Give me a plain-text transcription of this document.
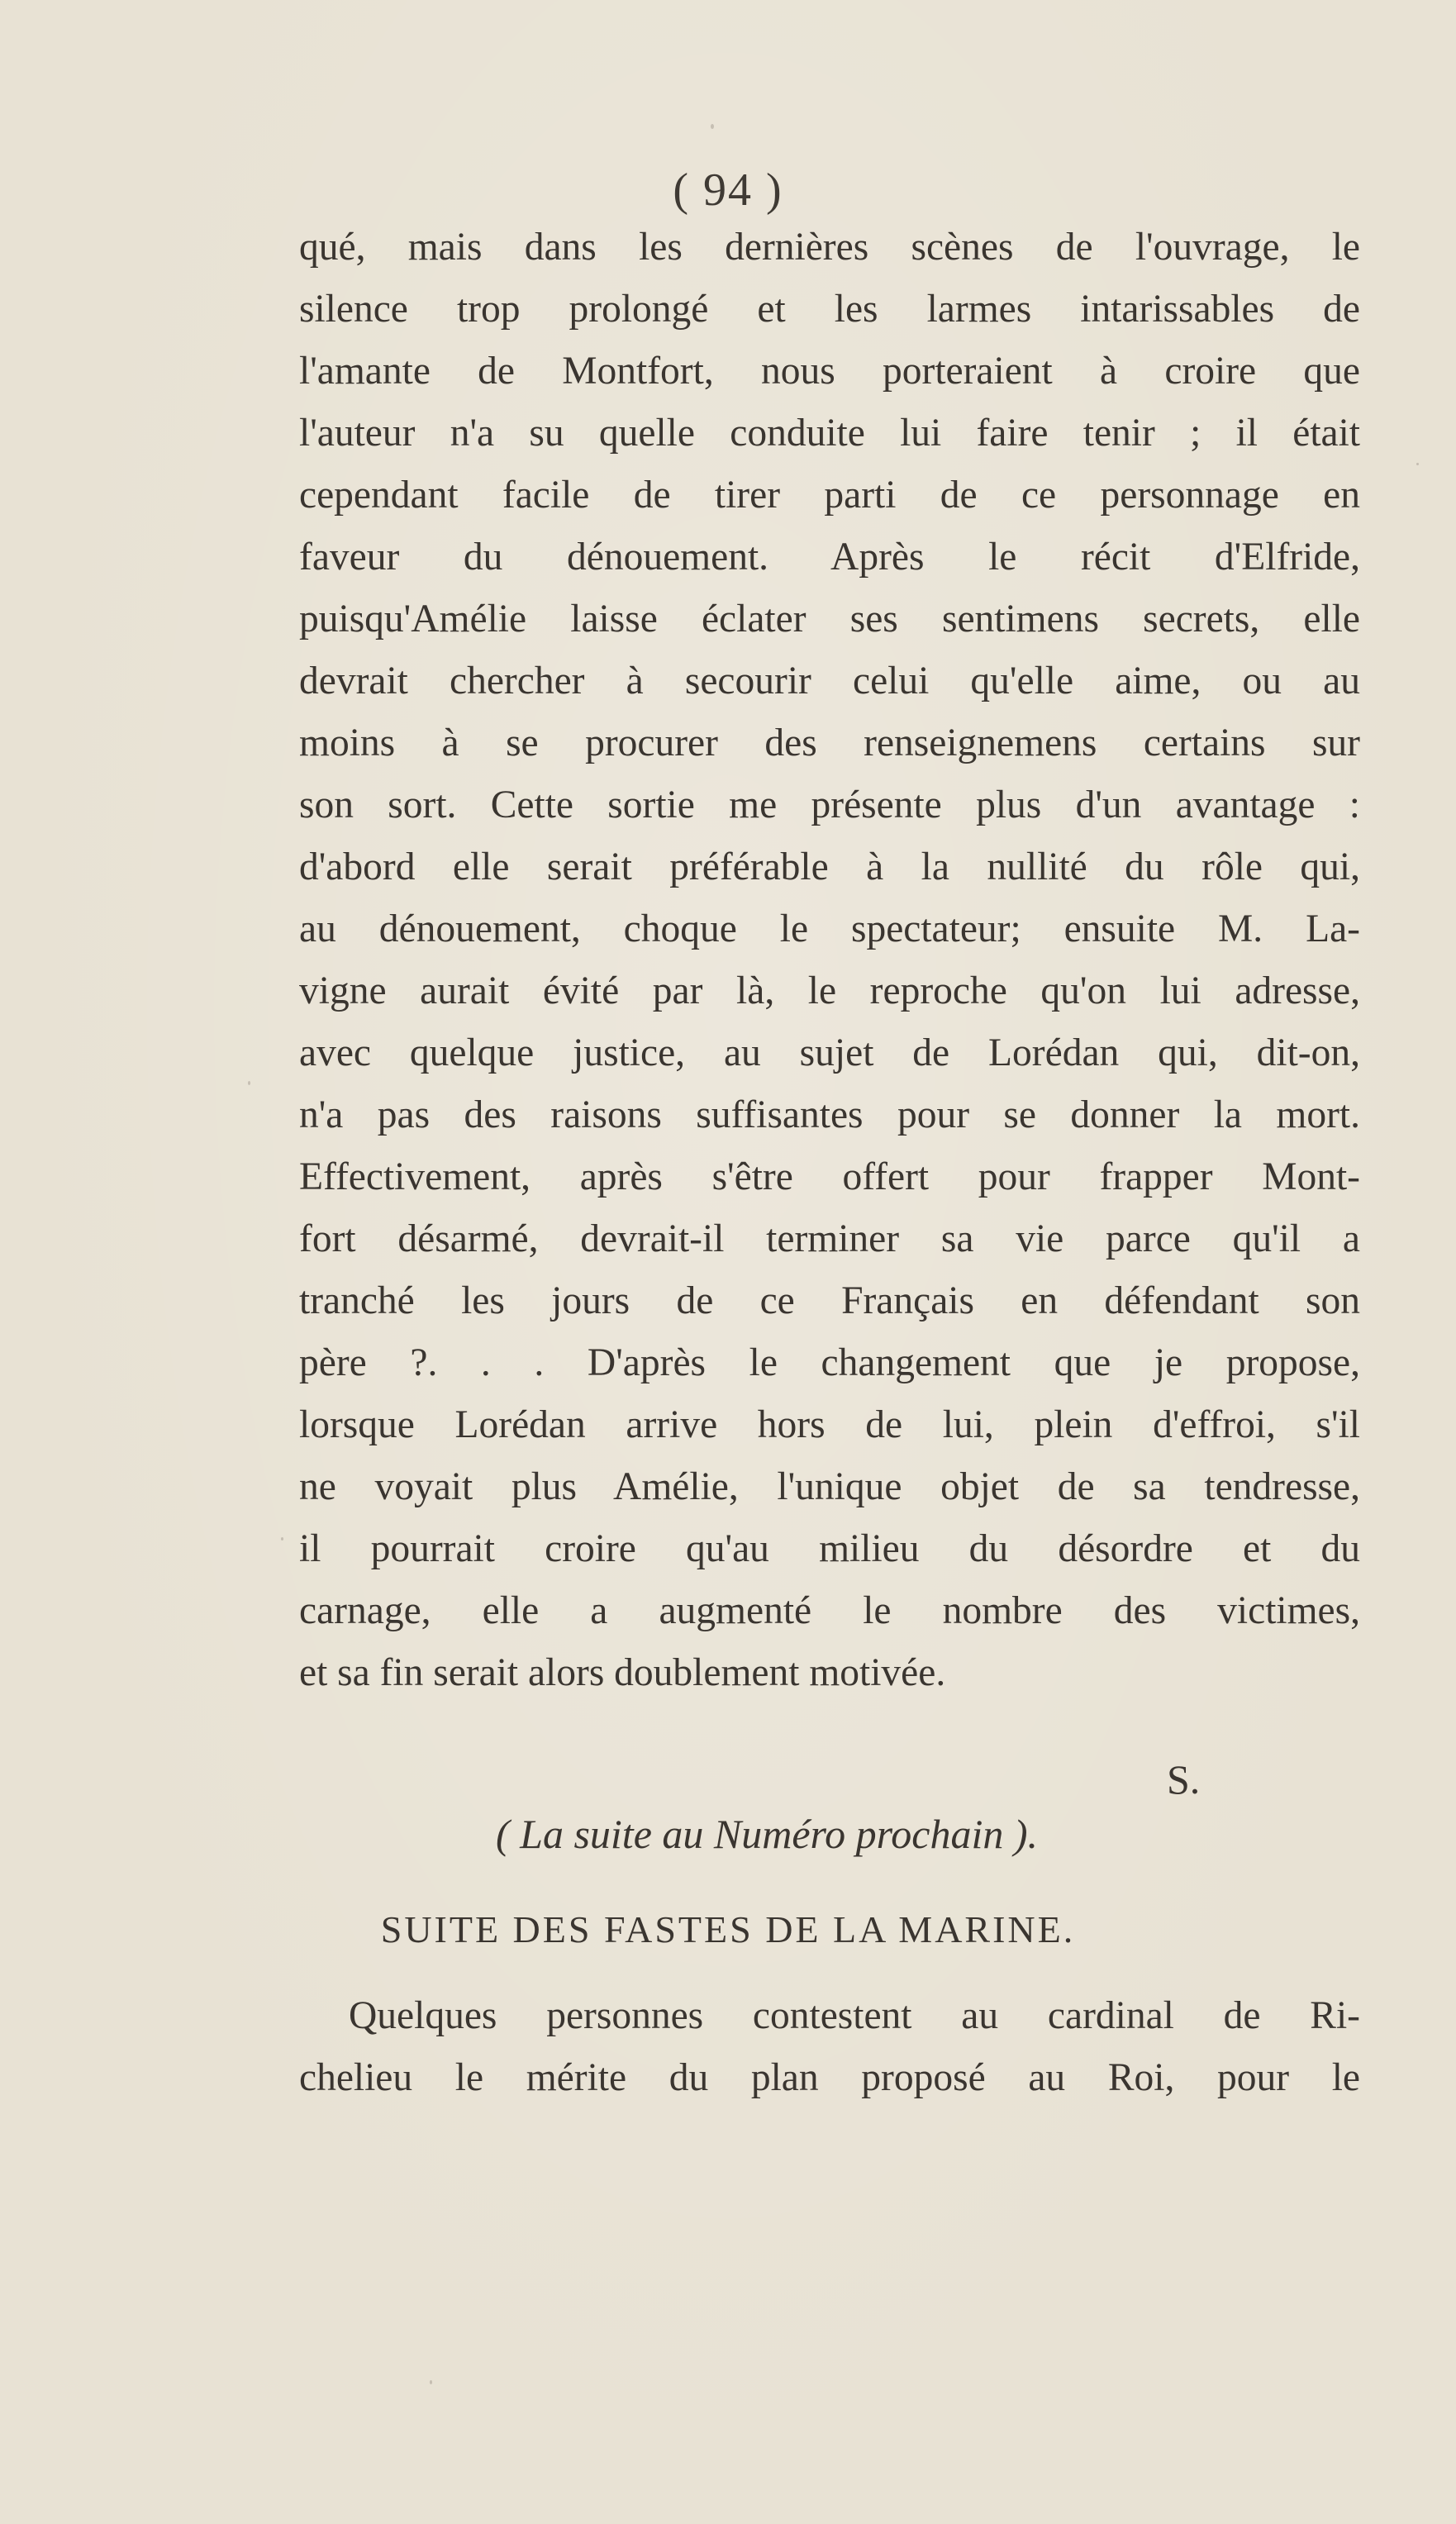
( 94 )
qué, mais dans les dernières scènes de l'ouvrage, le
silence trop prolongé et les larmes intarissables de
l'amante de Montfort, nous porteraient à croire que
l'auteur n'a su quelle conduite lui faire tenir ; il était
cependant facile de tirer parti de ce personnage en
faveur du dénouement. Après le récit d'Elfride,
puisqu'Amélie laisse éclater ses sentimens secrets, elle
devrait chercher à secourir celui qu'elle aime, ou au
moins à se procurer des renseignemens certains sur
son sort. Cette sortie me présente plus d'un avantage :
d'abord elle serait préférable à la nullité du rôle qui,
au dénouement, choque le spectateur; ensuite M. La-
vigne aurait évité par là, le reproche qu'on lui adresse,
avec quelque justice, au sujet de Lorédan qui, dit-on,
n'a pas des raisons suffisantes pour se donner la mort.
Effectivement, après s'être offert pour frapper Mont-
fort désarmé, devrait-il terminer sa vie parce qu'il a
tranché les jours de ce Français en défendant son
père ?. . . D'après le changement que je propose,
lorsque Lorédan arrive hors de lui, plein d'effroi, s'il
ne voyait plus Amélie, l'unique objet de sa tendresse,
il pourrait croire qu'au milieu du désordre et du
carnage, elle a augmenté le nombre des victimes,
et sa fin serait alors doublement motivée.
S.
( La suite au Numéro prochain ).
SUITE DES FASTES DE LA MARINE.
Quelques personnes contestent au cardinal de Ri-
chelieu le mérite du plan proposé au Roi, pour le
